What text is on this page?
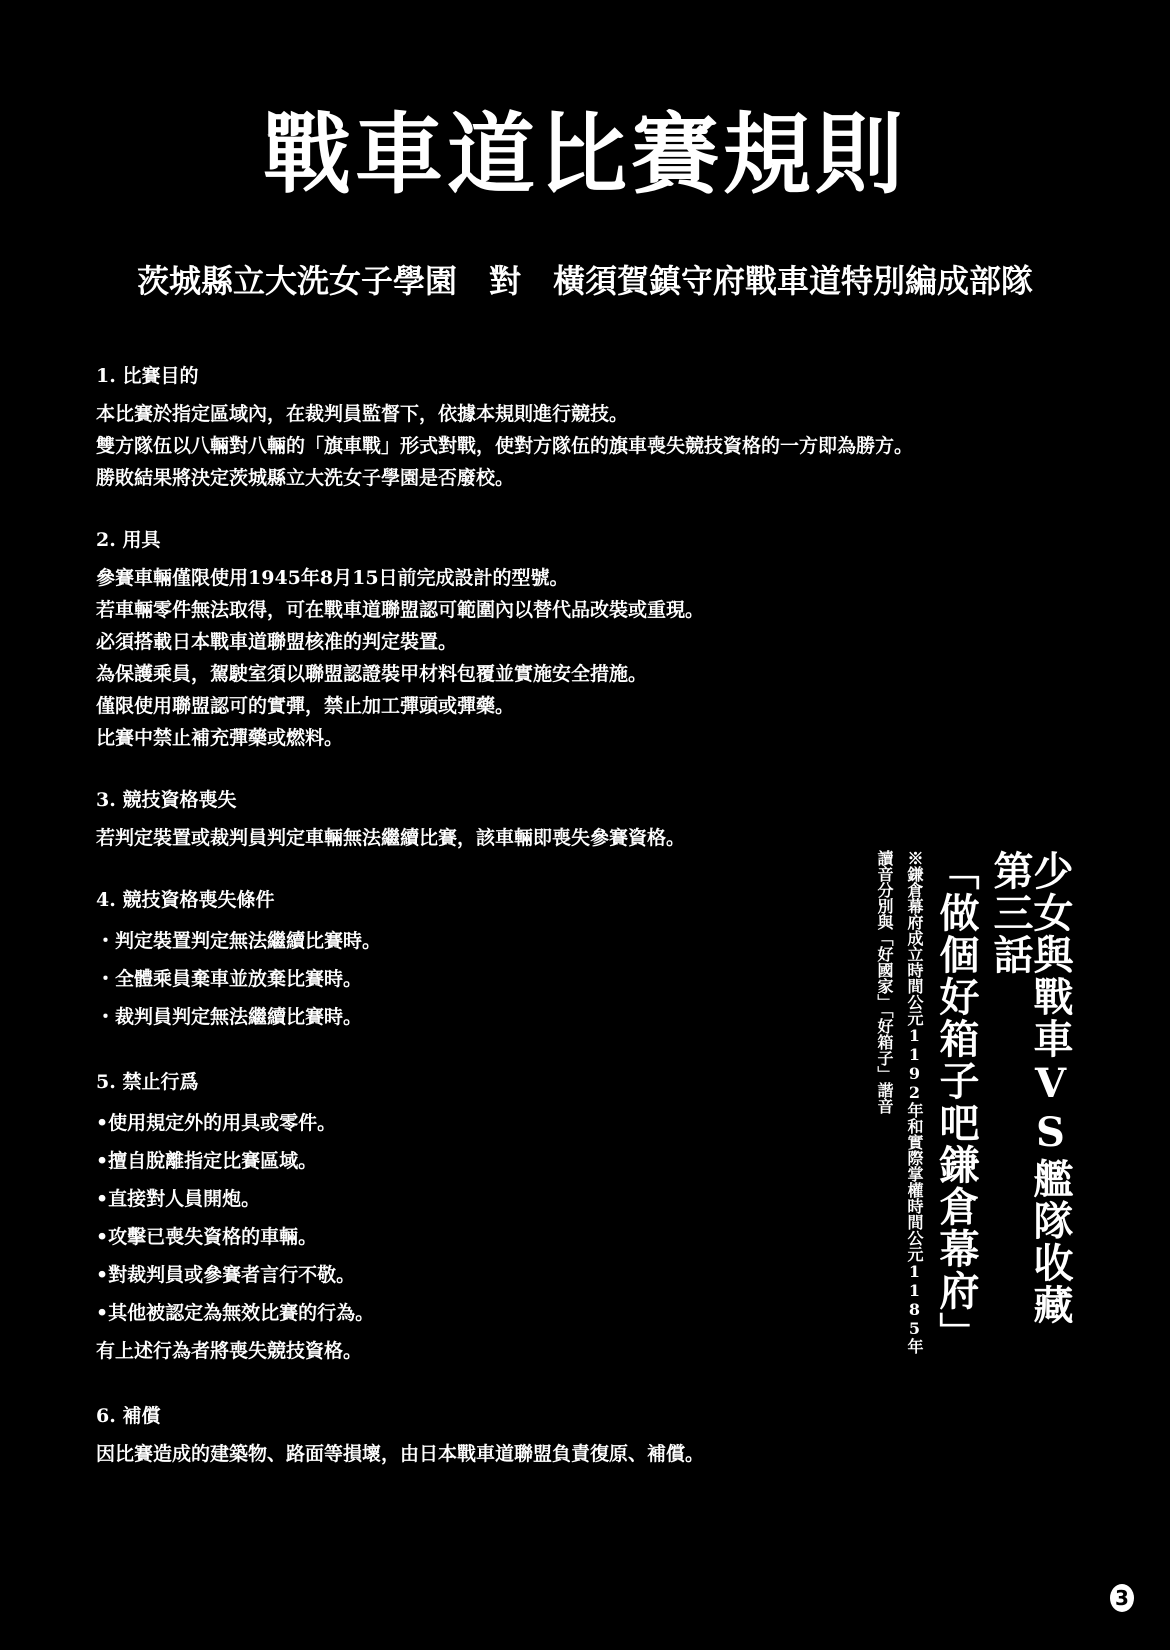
戰車道比賽規則
茨城縣立大洗女子學園 對 橫須賀鎮守府戰車道特別編成部隊
1. 比賽目的
本比賽於指定區域內，在裁判員監督下，依據本規則進行競技。
雙方隊伍以八輛對八輛的「旗車戰」形式對戰，使對方隊伍的旗車喪失競技資格的一方即為勝方。
勝敗結果將決定茨城縣立大洗女子學園是否廢校。
2. 用具
參賽車輛僅限使用1945年8月15日前完成設計的型號。
若車輛零件無法取得，可在戰車道聯盟認可範圍內以替代品改裝或重現。
必須搭載日本戰車道聯盟核准的判定裝置。
為保護乘員，駕駛室須以聯盟認證裝甲材料包覆並實施安全措施。
僅限使用聯盟認可的實彈，禁止加工彈頭或彈藥。
比賽中禁止補充彈藥或燃料。
3. 競技資格喪失
若判定裝置或裁判員判定車輛無法繼續比賽，該車輛即喪失參賽資格。
4. 競技資格喪失條件
・判定裝置判定無法繼續比賽時。
・全體乘員棄車並放棄比賽時。
・裁判員判定無法繼續比賽時。
5. 禁止行爲
•使用規定外的用具或零件。
•擅自脫離指定比賽區域。
•直接對人員開炮。
•攻擊已喪失資格的車輛。
•對裁判員或參賽者言行不敬。
•其他被認定為無效比賽的行為。
有上述行為者將喪失競技資格。
6. 補償
因比賽造成的建築物、路面等損壞，由日本戰車道聯盟負責復原、補償。
少女與戰車VS艦隊收藏 第三話
「做個好箱子吧鎌倉幕府」
※鎌倉幕府成立時間公元1192年和實際掌權時間公元1185年
讀音分別與「好國家」「好箱子」諧音
3
